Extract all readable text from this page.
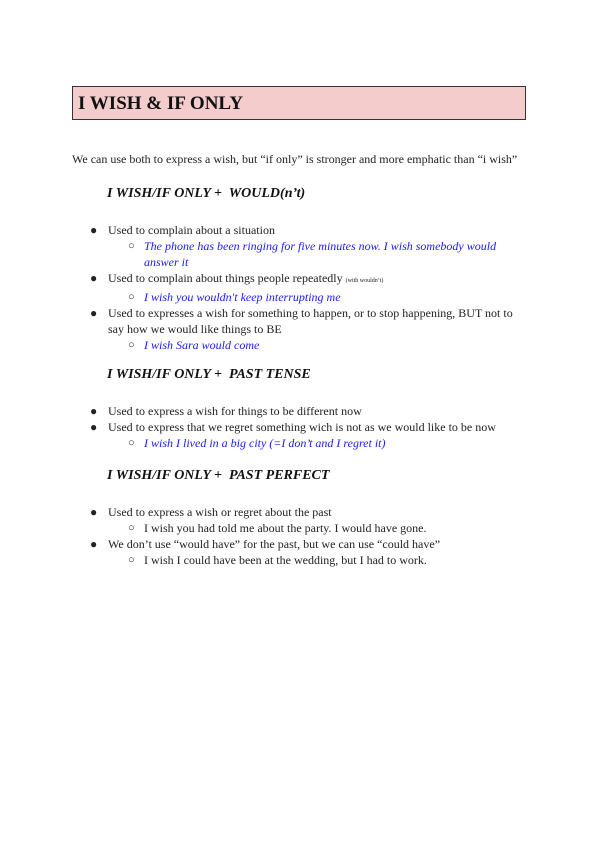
I WISH & IF ONLY
We can use both to express a wish, but “if only” is stronger and more emphatic than “i wish”
I WISH/IF ONLY +  WOULD(n’t)
● Used to complain about a situation
○ The phone has been ringing for five minutes now. I wish somebody would answer it
● Used to complain about things people repeatedly (with wouldn’t)
○ I wish you wouldn't keep interrupting me
● Used to expresses a wish for something to happen, or to stop happening, BUT not to say how we would like things to BE
○ I wish Sara would come
I WISH/IF ONLY +  PAST TENSE
● Used to express a wish for things to be different now
● Used to express that we regret something wich is not as we would like to be now
○ I wish I lived in a big city (=I don’t and I regret it)
I WISH/IF ONLY +  PAST PERFECT
● Used to express a wish or regret about the past
○ I wish you had told me about the party. I would have gone.
● We don’t use “would have” for the past, but we can use “could have”
○ I wish I could have been at the wedding, but I had to work.
